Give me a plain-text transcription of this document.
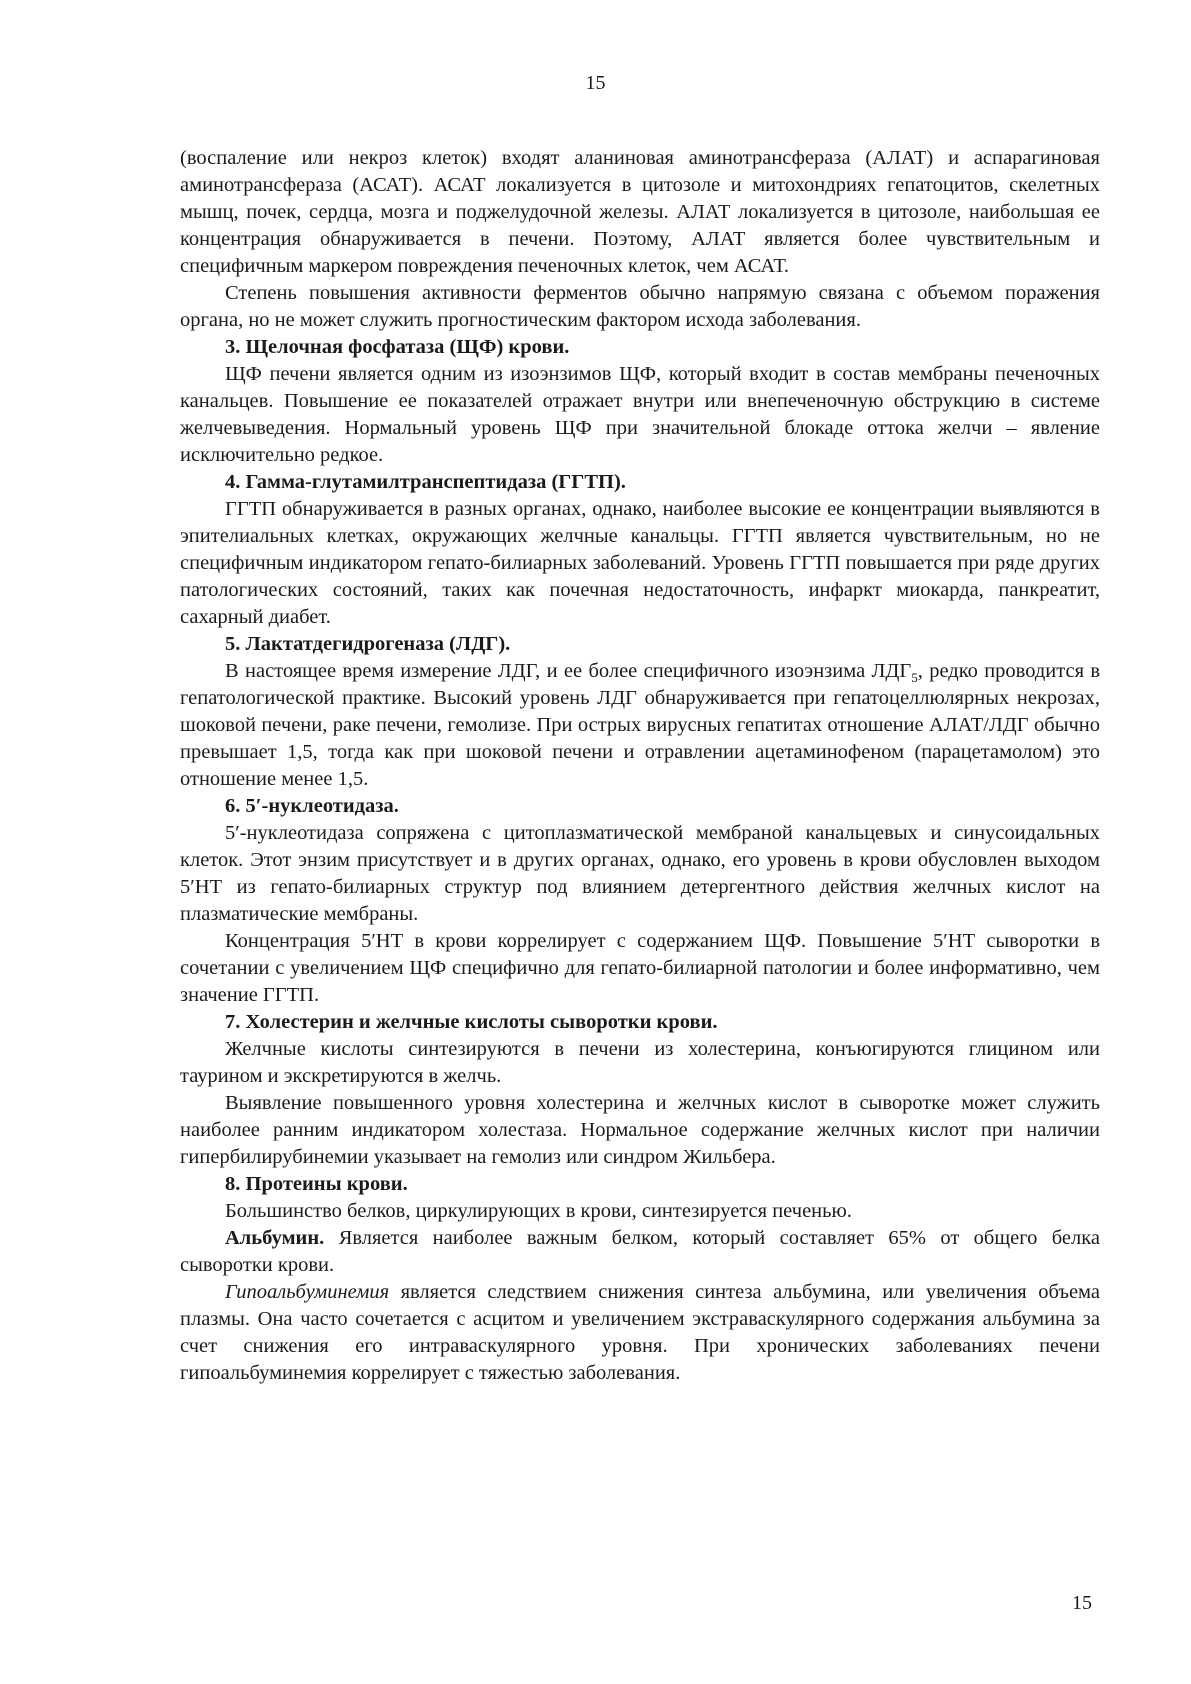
15

(воспаление или некроз клеток) входят аланиновая аминотрансфераза (АЛАТ) и аспарагиновая аминотрансфераза (АСАТ). АСАТ локализуется в цитозоле и митохондриях гепатоцитов, скелетных мышц, почек, сердца, мозга и поджелудочной железы. АЛАТ локализуется в цитозоле, наибольшая ее концентрация обнаруживается в печени. Поэтому, АЛАТ является более чувствительным и специфичным маркером повреждения печеночных клеток, чем АСАТ.

Степень повышения активности ферментов обычно напрямую связана с объемом поражения органа, но не может служить прогностическим фактором исхода заболевания.

3. Щелочная фосфатаза (ЩФ) крови.

ЩФ печени является одним из изоэнзимов ЩФ, который входит в состав мембраны печеночных канальцев. Повышение ее показателей отражает внутри или внепеченочную обструкцию в системе желчевыведения. Нормальный уровень ЩФ при значительной блокаде оттока желчи – явление исключительно редкое.

4. Гамма-глутамилтранспептидаза (ГГТП).

ГГТП обнаруживается в разных органах, однако, наиболее высокие ее концентрации выявляются в эпителиальных клетках, окружающих желчные канальцы. ГГТП является чувствительным, но не специфичным индикатором гепато-билиарных заболеваний. Уровень ГГТП повышается при ряде других патологических состояний, таких как почечная недостаточность, инфаркт миокарда, панкреатит, сахарный диабет.

5. Лактатдегидрогеназа (ЛДГ).

В настоящее время измерение ЛДГ, и ее более специфичного изоэнзима $ЛДГ_5$, редко проводится в гепатологической практике. Высокий уровень ЛДГ обнаруживается при гепатоцеллюлярных некрозах, шоковой печени, раке печени, гемолизе. При острых вирусных гепатитах отношение АЛАТ/ЛДГ обычно превышает 1,5, тогда как при шоковой печени и отравлении ацетаминофеном (парацетамолом) это отношение менее 1,5.

6. 5′-нуклеотидаза.

5′-нуклеотидаза сопряжена с цитоплазматической мембраной канальцевых и синусоидальных клеток. Этот энзим присутствует и в других органах, однако, его уровень в крови обусловлен выходом 5′НТ из гепато-билиарных структур под влиянием детергентного действия желчных кислот на плазматические мембраны.

Концентрация 5′НТ в крови коррелирует с содержанием ЩФ. Повышение 5′НТ сыворотки в сочетании с увеличением ЩФ специфично для гепато-билиарной патологии и более информативно, чем значение ГГТП.

7. Холестерин и желчные кислоты сыворотки крови.

Желчные кислоты синтезируются в печени из холестерина, конъюгируются глицином или таурином и экскретируются в желчь.

Выявление повышенного уровня холестерина и желчных кислот в сыворотке может служить наиболее ранним индикатором холестаза. Нормальное содержание желчных кислот при наличии гипербилирубинемии указывает на гемолиз или синдром Жильбера.

8. Протеины крови.

Большинство белков, циркулирующих в крови, синтезируется печенью.

Альбумин. Является наиболее важным белком, который составляет 65% от общего белка сыворотки крови.

Гипоальбуминемия является следствием снижения синтеза альбумина, или увеличения объема плазмы. Она часто сочетается с асцитом и увеличением экстраваскулярного содержания альбумина за счет снижения его интраваскулярного уровня. При хронических заболеваниях печени гипоальбуминемия коррелирует с тяжестью заболевания.

15
